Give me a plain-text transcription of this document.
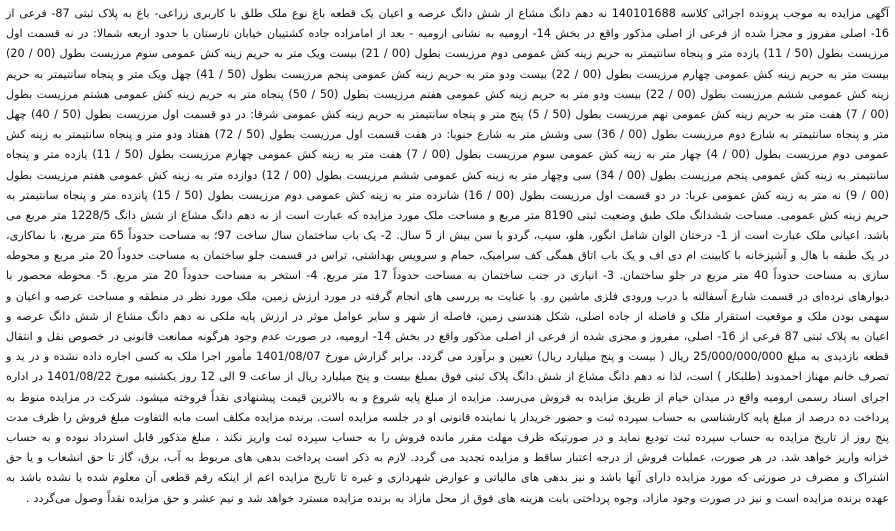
آگهی مزایده به موجب پرونده اجرائی کلاسه 140101688 نه دهم دانگ مشاع از شش دانگ عرصه و اعیان یک قطعه باغ نوع ملک طلق با کاربری زراعی- باغ به پلاک ثبتی 87- فرعی از 16- اصلی مفروز و مجزا شده از فرعی از اصلی مذکور واقع در بخش 14- ارومیه به نشانی ارومیه - بعد از امامزاده جاده کشتیبان خیابان نارستان با حدود اربعه شمالا: در نه قسمت اول مرزیست بطول (50 / 11) یازده متر و پنجاه سانتیمتر به حریم زینه کش عمومی دوم مرزیست بطول (00 / 21) بیست ویک متر به حریم زینه کش عمومی سوم مرزیست بطول (00 / 20) بیست متر به حریم زینه کش عمومی چهارم مرزیست بطول (00 / 22) بیست ودو متر به حریم زینه کش عمومی پنجم مرزیست بطول (50 / 41) چهل ویک متر و پنجاه سانتیمتر به حریم زینه کش عمومی ششم مرزیست بطول (00 / 22) بیست ودو متر به حریم زینه کش عمومی هفتم مرزیست بطول (50 / 50) پنجاه متر به حریم زینه کش عمومی هشتم مرزیست بطول (00 / 7) هفت متر به حریم زینه کش عمومی نهم مرزیست بطول (50 / 5) پنج متر و پنجاه سانتیمتر به حریم زینه کش عمومی شرقا: در دو قسمت اول مرزیست بطول (50 / 40) چهل متر و پنجاه سانتیمتر به شارع دوم مرزیست بطول (00 / 36) سی وشش متر به شارع جنوبا: در هفت قسمت اول مرزیست بطول (50 / 72) هفتاد ودو متر و پنجاه سانتیمتر به زینه کش عمومی دوم مرزیست بطول (00 / 4) چهار متر به زینه کش عمومی سوم مرزیست بطول (00 / 7) هفت متر به زینه کش عمومی چهارم مرزیست بطول (50 / 11) یازده متر و پنجاه سانتیمتر به زینه کش عمومی پنجم مرزیست بطول (00 / 34) سی وچهار متر به زینه کش عمومی ششم مرزیست بطول (00 / 12) دوازده متر به زینه کش عمومی هفتم مرزیست بطول (00 / 9) نه متر به زینه کش عمومی غربا: در دو قسمت اول مرزیست بطول (00 / 16) شانزده متر به زینه کش عمومی دوم مرزیست بطول (50 / 15) پانزده متر و پنجاه سانتیمتر به حریم زینه کش عمومی. مساحت ششدانگ ملک طبق وضعیت ثبتی 8190 متر مربع و مساحت ملک مورد مزایده که عبارت است از نه دهم دانگ مشاع از شش دانگ 1228/5 متر مربع می باشد. اعیانی ملک عبارت است از 1- درختان الوان شامل انگور، هلو، سیب، گردو با سن بیش از 5 سال. 2- یک باب ساختمان سال ساخت 97؛ به مساحت حدوداً 65 متر مربع، با نماکاری، در یک طبقه با هال و آشپزخانه با کابینت ام دی اف و یک باب اتاق همگی کف سرامیک، حمام و سرویس بهداشتی، تراس در قسمت جلو ساختمان به مساحت حدوداً 20 متر مربع و محوطه سازی به مساحت حدوداً 40 متر مربع در جلو ساختمان. 3- انباری در جنب ساختمان به مساحت حدوداً 17 متر مربع. 4- استخر به مساحت حدوداً 20 متر مربع. 5- محوطه محصور با دیوارهای نرده‌ای در قسمت شارع آسفالته با درب ورودی فلزی ماشین رو. با عنایت به بررسی های انجام گرفته در مورد ارزش زمین، ملک مورد نظر در منطقه و مساحت عرصه و اعیان و سهمی بودن ملک و موقعیت استقرار ملک و فاصله از جاده اصلی، شکل هندسی زمین، فاصله از شهر و سایر عوامل موثر در ارزش پایه ملکی نه دهم دانگ مشاع از شش دانگ عرصه و اعیان به پلاک ثبتی 87 فرعی از 16- اصلی، مفروز و مجزی شده از فرعی از اصلی مذکور واقع در بخش 14- ارومیه، در صورت عدم وجود هرگونه ممانعت قانونی در خصوص نقل و انتقال قطعه بازدیدی به مبلغ 25/000/000/000 ریال ( بیست و پنج میلیارد ریال) تعیین و برآورد می گردد. برابر گزارش مورخ 1401/08/07 مأمور اجرا ملک به کسی اجاره داده نشده و در ید و تصرف خانم مهناز احمدوند (طلبکار ) است، لذا نه دهم دانگ مشاع از شش دانگ پلاک ثبتی فوق بمبلغ بیست و پنج میلیارد ریال از ساعت 9 الی 12 روز یکشنبه مورخ 1401/08/22 در اداره اجرای اسناد رسمی ارومیه واقع در میدان خیام از طریق مزایده به فروش می‌رسد. مزایده از مبلغ پایه شروع و به بالاترین قیمت پیشنهادی نقداً فروخته میشود. شرکت در مزایده منوط به پرداخت ده درصد از مبلغ پایه کارشناسی به حساب سپرده ثبت و حضور خریدار یا نماینده قانونی او در جلسه مزایده است. برنده مزایده مکلف است مابه التفاوت مبلغ فروش را ظرف مدت پنج روز از تاریخ مزایده به حساب سپرده ثبت تودیع نماید و در صورتیکه ظرف مهلت مقرر مانده فروش را به حساب سپرده ثبت واریز نکند ، مبلغ مذکور قابل استرداد نبوده و به حساب خزانه واریز خواهد شد. در هر صورت، عملیات فروش از درجه اعتبار ساقط و مزایده تجدید می گردد. لازم به ذکر است پرداخت بدهی های مربوط به آب، برق، گاز تا حق انشعاب و یا حق اشتراک و مصرف در صورتی که مورد مزایده دارای آنها باشد و نیز بدهی های مالیاتی و عوارض شهرداری و غیره تا تاریخ مزایده اعم از اینکه رقم قطعی آن معلوم شده یا نشده باشد به عهده برنده مزایده است و نیز در صورت وجود مازاد، وجوه پرداختی بابت هزینه های فوق از محل مازاد به برنده مزایده مسترد خواهد شد و نیم عشر و حق مزایده نقداً وصول می‌گردد .
